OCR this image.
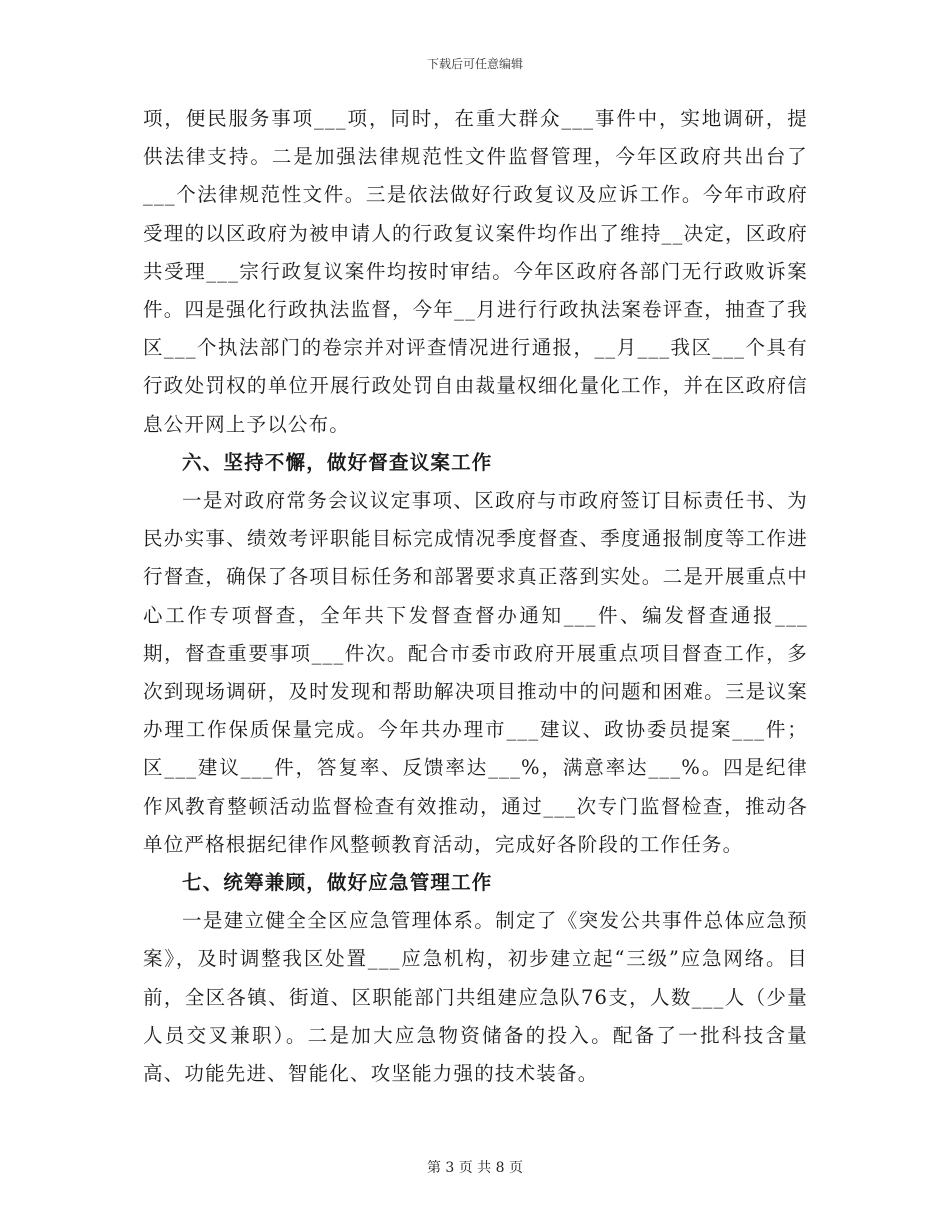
下载后可任意编辑

项，便民服务事项___项，同时，在重大群众___事件中，实地调研，提供法律支持。二是加强法律规范性文件监督管理，今年区政府共出台了___个法律规范性文件。三是依法做好行政复议及应诉工作。今年市政府受理的以区政府为被申请人的行政复议案件均作出了维持__决定，区政府共受理___宗行政复议案件均按时审结。今年区政府各部门无行政败诉案件。四是强化行政执法监督，今年__月进行行政执法案卷评查，抽查了我区___个执法部门的卷宗并对评查情况进行通报，__月___我区___个具有行政处罚权的单位开展行政处罚自由裁量权细化量化工作，并在区政府信息公开网上予以公布。

六、坚持不懈，做好督查议案工作

一是对政府常务会议议定事项、区政府与市政府签订目标责任书、为民办实事、绩效考评职能目标完成情况季度督查、季度通报制度等工作进行督查，确保了各项目标任务和部署要求真正落到实处。二是开展重点中心工作专项督查，全年共下发督查督办通知___件、编发督查通报___期，督查重要事项___件次。配合市委市政府开展重点项目督查工作，多次到现场调研，及时发现和帮助解决项目推动中的问题和困难。三是议案办理工作保质保量完成。今年共办理市___建议、政协委员提案___件；区___建议___件，答复率、反馈率达___%，满意率达___%。四是纪律作风教育整顿活动监督检查有效推动，通过___次专门监督检查，推动各单位严格根据纪律作风整顿教育活动，完成好各阶段的工作任务。

七、统筹兼顾，做好应急管理工作

一是建立健全全区应急管理体系。制定了《突发公共事件总体应急预案》，及时调整我区处置___应急机构，初步建立起“三级”应急网络。目前，全区各镇、街道、区职能部门共组建应急队76支，人数___人（少量人员交叉兼职）。二是加大应急物资储备的投入。配备了一批科技含量高、功能先进、智能化、攻坚能力强的技术装备。

第 3 页 共 8 页
